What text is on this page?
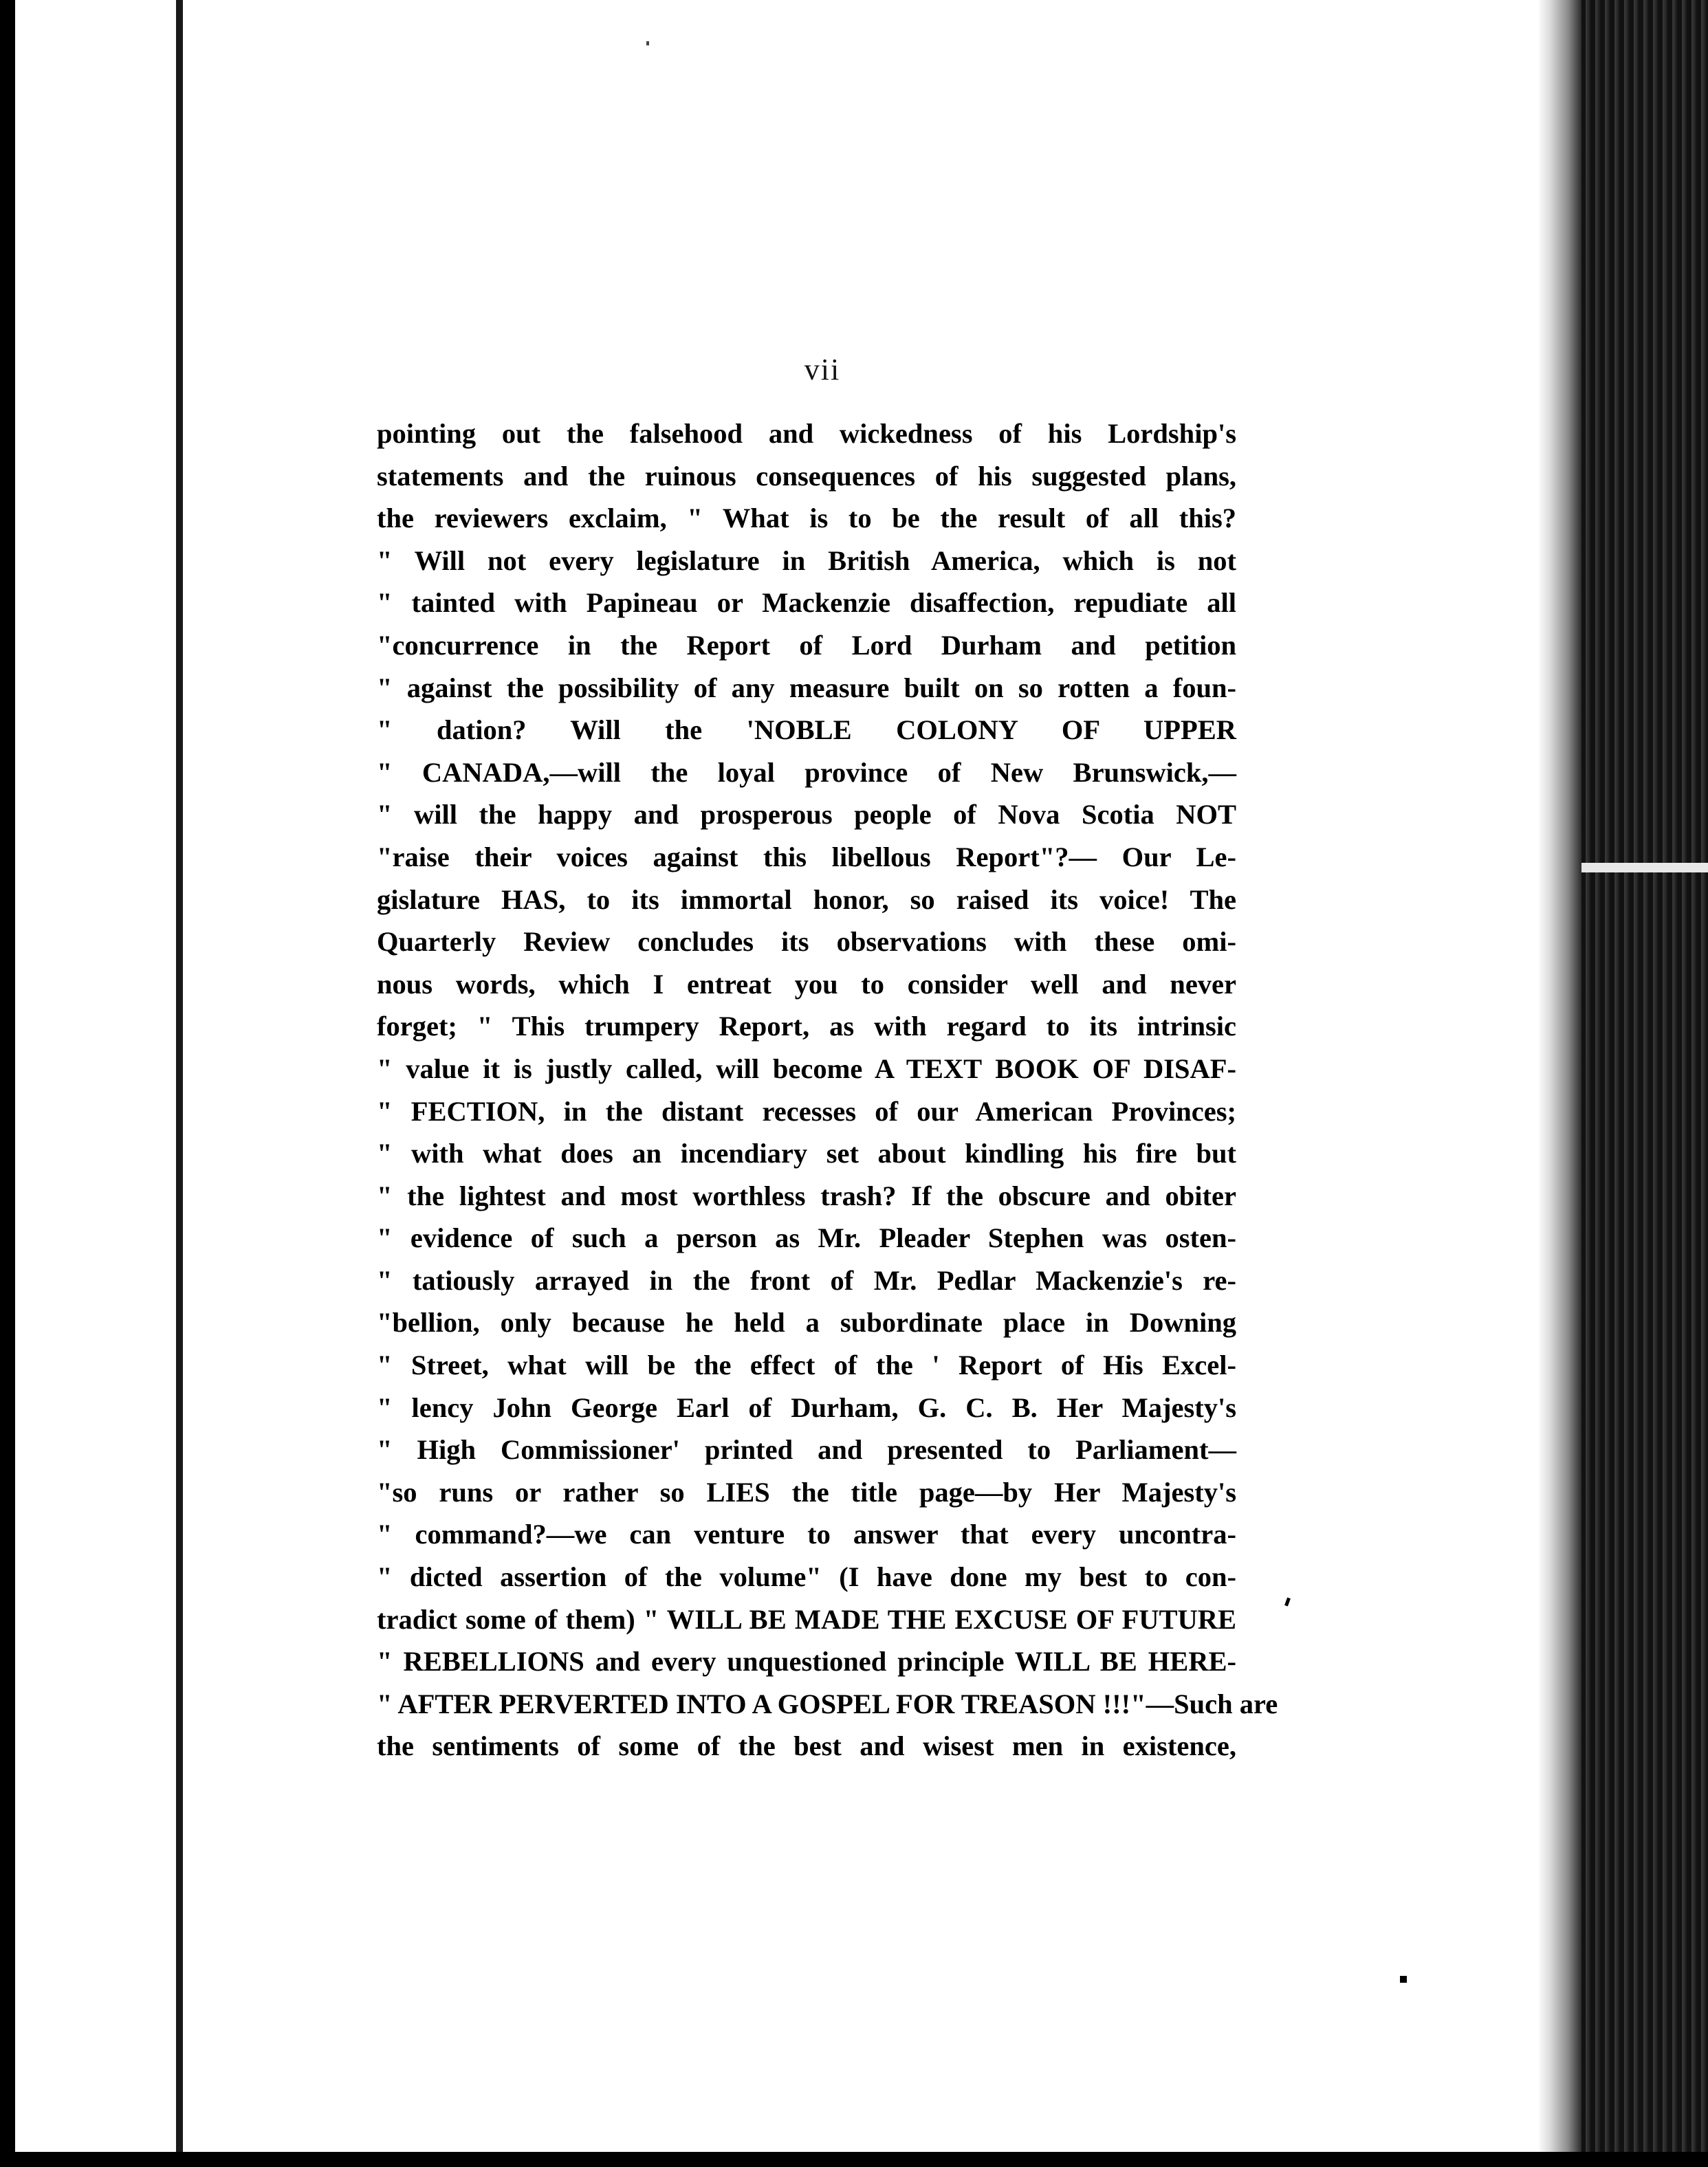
vii
pointing out the falsehood and wickedness of his Lordship's
statements and the ruinous consequences of his suggested plans,
the reviewers exclaim, " What is to be the result of all this?
" Will not every legislature in British America, which is not
" tainted with Papineau or Mackenzie disaffection, repudiate all
"concurrence in the Report of Lord Durham and petition
" against the possibility of any measure built on so rotten a foun-
" dation? Will the 'NOBLE COLONY OF UPPER
" CANADA,—will the loyal province of New Brunswick,—
" will the happy and prosperous people of Nova Scotia NOT
"raise their voices against this libellous Report"?— Our Le-
gislature HAS, to its immortal honor, so raised its voice! The
Quarterly Review concludes its observations with these omi-
nous words, which I entreat you to consider well and never
forget; " This trumpery Report, as with regard to its intrinsic
" value it is justly called, will become A TEXT BOOK OF DISAF-
" FECTION, in the distant recesses of our American Provinces;
" with what does an incendiary set about kindling his fire but
" the lightest and most worthless trash? If the obscure and obiter
" evidence of such a person as Mr. Pleader Stephen was osten-
" tatiously arrayed in the front of Mr. Pedlar Mackenzie's re-
"bellion, only because he held a subordinate place in Downing
" Street, what will be the effect of the ' Report of His Excel-
" lency John George Earl of Durham, G. C. B. Her Majesty's
" High Commissioner' printed and presented to Parliament—
"so runs or rather so LIES the title page—by Her Majesty's
" command?—we can venture to answer that every uncontra-
" dicted assertion of the volume" (I have done my best to con-
tradict some of them) " WILL BE MADE THE EXCUSE OF FUTURE
" REBELLIONS and every unquestioned principle WILL BE HERE-
" AFTER PERVERTED INTO A GOSPEL FOR TREASON !!!"—Such are
the sentiments of some of the best and wisest men in existence,
